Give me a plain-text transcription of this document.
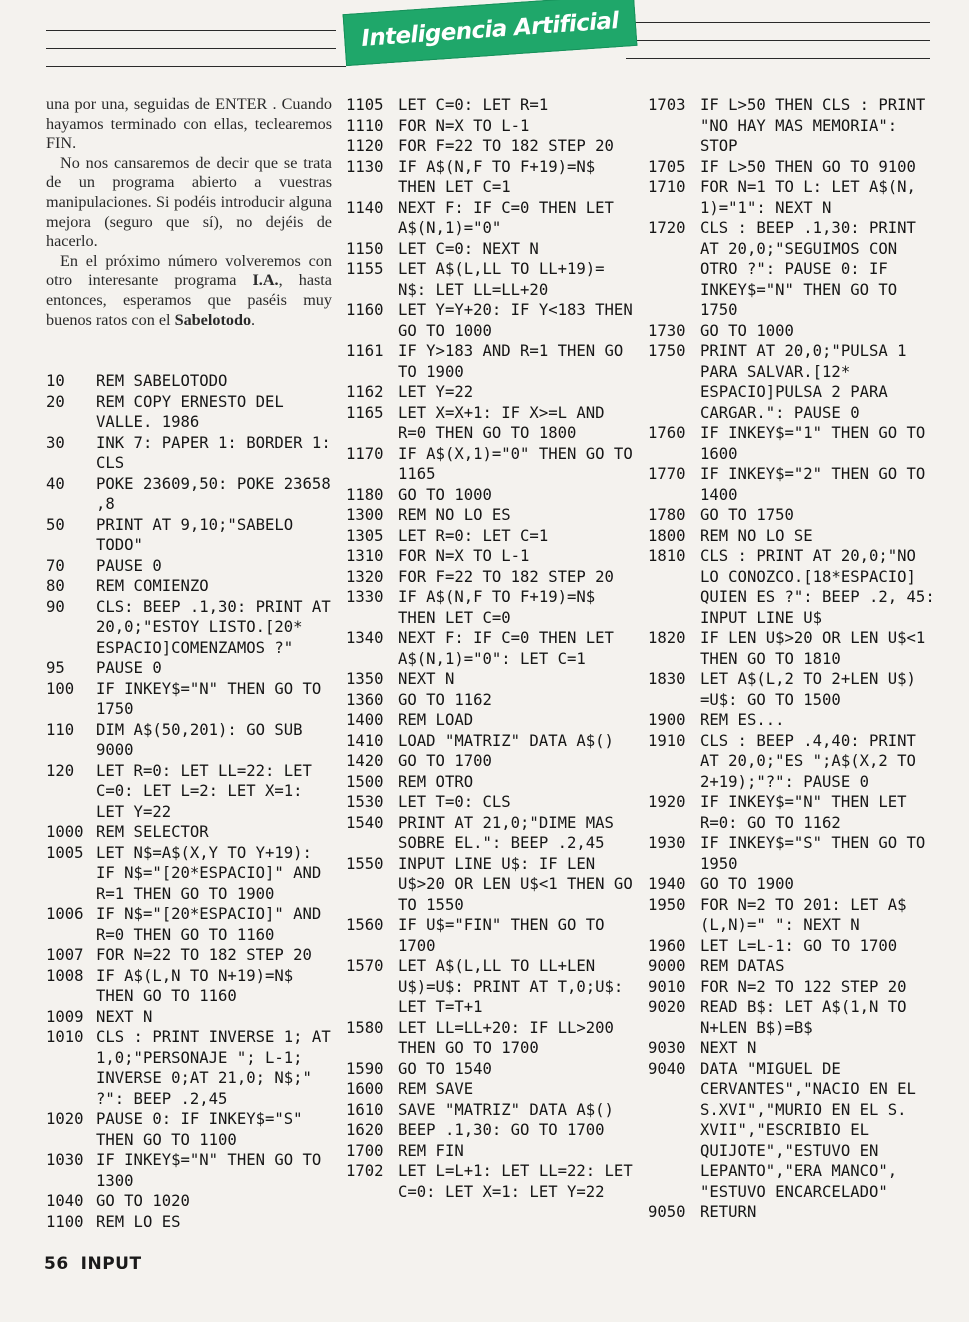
Inteligencia Artificial

una por una, seguidas de ENTER . Cuando hayamos terminado con ellas, teclearemos FIN.

No nos cansaremos de decir que se trata de un programa abierto a vuestras manipulaciones. Si podéis introducir alguna mejora (seguro que sí), no dejéis de hacerlo.

En el próximo número volveremos con otro interesante programa I.A., hasta entonces, esperamos que paséis muy buenos ratos con el Sabelotodo.

10	REM SABELOTODO
20	REM COPY ERNESTO DEL VALLE. 1986
30	INK 7: PAPER 1: BORDER 1: CLS
40	POKE 23609,50: POKE 23658 ,8
50	PRINT AT 9,10;"SABELO TODO"
70	PAUSE 0
80	REM COMIENZO
90	CLS: BEEP .1,30: PRINT AT 20,0;"ESTOY LISTO.[20* ESPACIO]COMENZAMOS ?"
95	PAUSE 0
100	IF INKEY$="N" THEN GO TO 1750
110	DIM A$(50,201): GO SUB 9000
120	LET R=0: LET LL=22: LET C=0: LET L=2: LET X=1: LET Y=22
1000 REM SELECTOR
1005 LET N$=A$(X,Y TO Y+19): IF N$="[20*ESPACIO]" AND R=1 THEN GO TO 1900
1006 IF N$="[20*ESPACIO]" AND R=0 THEN GO TO 1160
1007 FOR N=22 TO 182 STEP 20
1008 IF A$(L,N TO N+19)=N$ THEN GO TO 1160
1009 NEXT N
1010 CLS : PRINT INVERSE 1; AT 1,0;"PERSONAJE "; L-1; INVERSE 0;AT 21,0; N$;" ?": BEEP .2,45
1020 PAUSE 0: IF INKEY$="S" THEN GO TO 1100
1030 IF INKEY$="N" THEN GO TO 1300
1040 GO TO 1020
1100 REM LO ES
1105 LET C=0: LET R=1
1110 FOR N=X TO L-1
1120 FOR F=22 TO 182 STEP 20
1130 IF A$(N,F TO F+19)=N$ THEN LET C=1
1140 NEXT F: IF C=0 THEN LET A$(N,1)="0"
1150 LET C=0: NEXT N
1155 LET A$(L,LL TO LL+19)= N$: LET LL=LL+20
1160 LET Y=Y+20: IF Y<183 THEN GO TO 1000
1161 IF Y>183 AND R=1 THEN GO TO 1900
1162 LET Y=22
1165 LET X=X+1: IF X>=L AND R=0 THEN GO TO 1800
1170 IF A$(X,1)="0" THEN GO TO 1165
1180 GO TO 1000
1300 REM NO LO ES
1305 LET R=0: LET C=1
1310 FOR N=X TO L-1
1320 FOR F=22 TO 182 STEP 20
1330 IF A$(N,F TO F+19)=N$ THEN LET C=0
1340 NEXT F: IF C=0 THEN LET A$(N,1)="0": LET C=1
1350 NEXT N
1360 GO TO 1162
1400 REM LOAD
1410 LOAD "MATRIZ" DATA A$()
1420 GO TO 1700
1500 REM OTRO
1530 LET T=0: CLS
1540 PRINT AT 21,0;"DIME MAS SOBRE EL.": BEEP .2,45
1550 INPUT LINE U$: IF LEN U$>20 OR LEN U$<1 THEN GO TO 1550
1560 IF U$="FIN" THEN GO TO 1700
1570 LET A$(L,LL TO LL+LEN U$)=U$: PRINT AT T,0;U$: LET T=T+1
1580 LET LL=LL+20: IF LL>200 THEN GO TO 1700
1590 GO TO 1540
1600 REM SAVE
1610 SAVE "MATRIZ" DATA A$()
1620 BEEP .1,30: GO TO 1700
1700 REM FIN
1702 LET L=L+1: LET LL=22: LET C=0: LET X=1: LET Y=22
1703 IF L>50 THEN CLS : PRINT "NO HAY MAS MEMORIA": STOP
1705 IF L>50 THEN GO TO 9100
1710 FOR N=1 TO L: LET A$(N, 1)="1": NEXT N
1720 CLS : BEEP .1,30: PRINT AT 20,0;"SEGUIMOS CON OTRO ?": PAUSE 0: IF INKEY$="N" THEN GO TO 1750
1730 GO TO 1000
1750 PRINT AT 20,0;"PULSA 1 PARA SALVAR.[12* ESPACIO]PULSA 2 PARA CARGAR.": PAUSE 0
1760 IF INKEY$="1" THEN GO TO 1600
1770 IF INKEY$="2" THEN GO TO 1400
1780 GO TO 1750
1800 REM NO LO SE
1810 CLS : PRINT AT 20,0;"NO LO CONOZCO.[18*ESPACIO] QUIEN ES ?": BEEP .2, 45: INPUT LINE U$
1820 IF LEN U$>20 OR LEN U$<1 THEN GO TO 1810
1830 LET A$(L,2 TO 2+LEN U$) =U$: GO TO 1500
1900 REM ES...
1910 CLS : BEEP .4,40: PRINT AT 20,0;"ES ";A$(X,2 TO 2+19);"?": PAUSE 0
1920 IF INKEY$="N" THEN LET R=0: GO TO 1162
1930 IF INKEY$="S" THEN GO TO 1950
1940 GO TO 1900
1950 FOR N=2 TO 201: LET A$ (L,N)=" ": NEXT N
1960 LET L=L-1: GO TO 1700
9000 REM DATAS
9010 FOR N=2 TO 122 STEP 20
9020 READ B$: LET A$(1,N TO N+LEN B$)=B$
9030 NEXT N
9040 DATA "MIGUEL DE CERVANTES","NACIO EN EL S.XVI","MURIO EN EL S. XVII","ESCRIBIO EL QUIJOTE","ESTUVO EN LEPANTO","ERA MANCO", "ESTUVO ENCARCELADO"
9050 RETURN
56 INPUT
